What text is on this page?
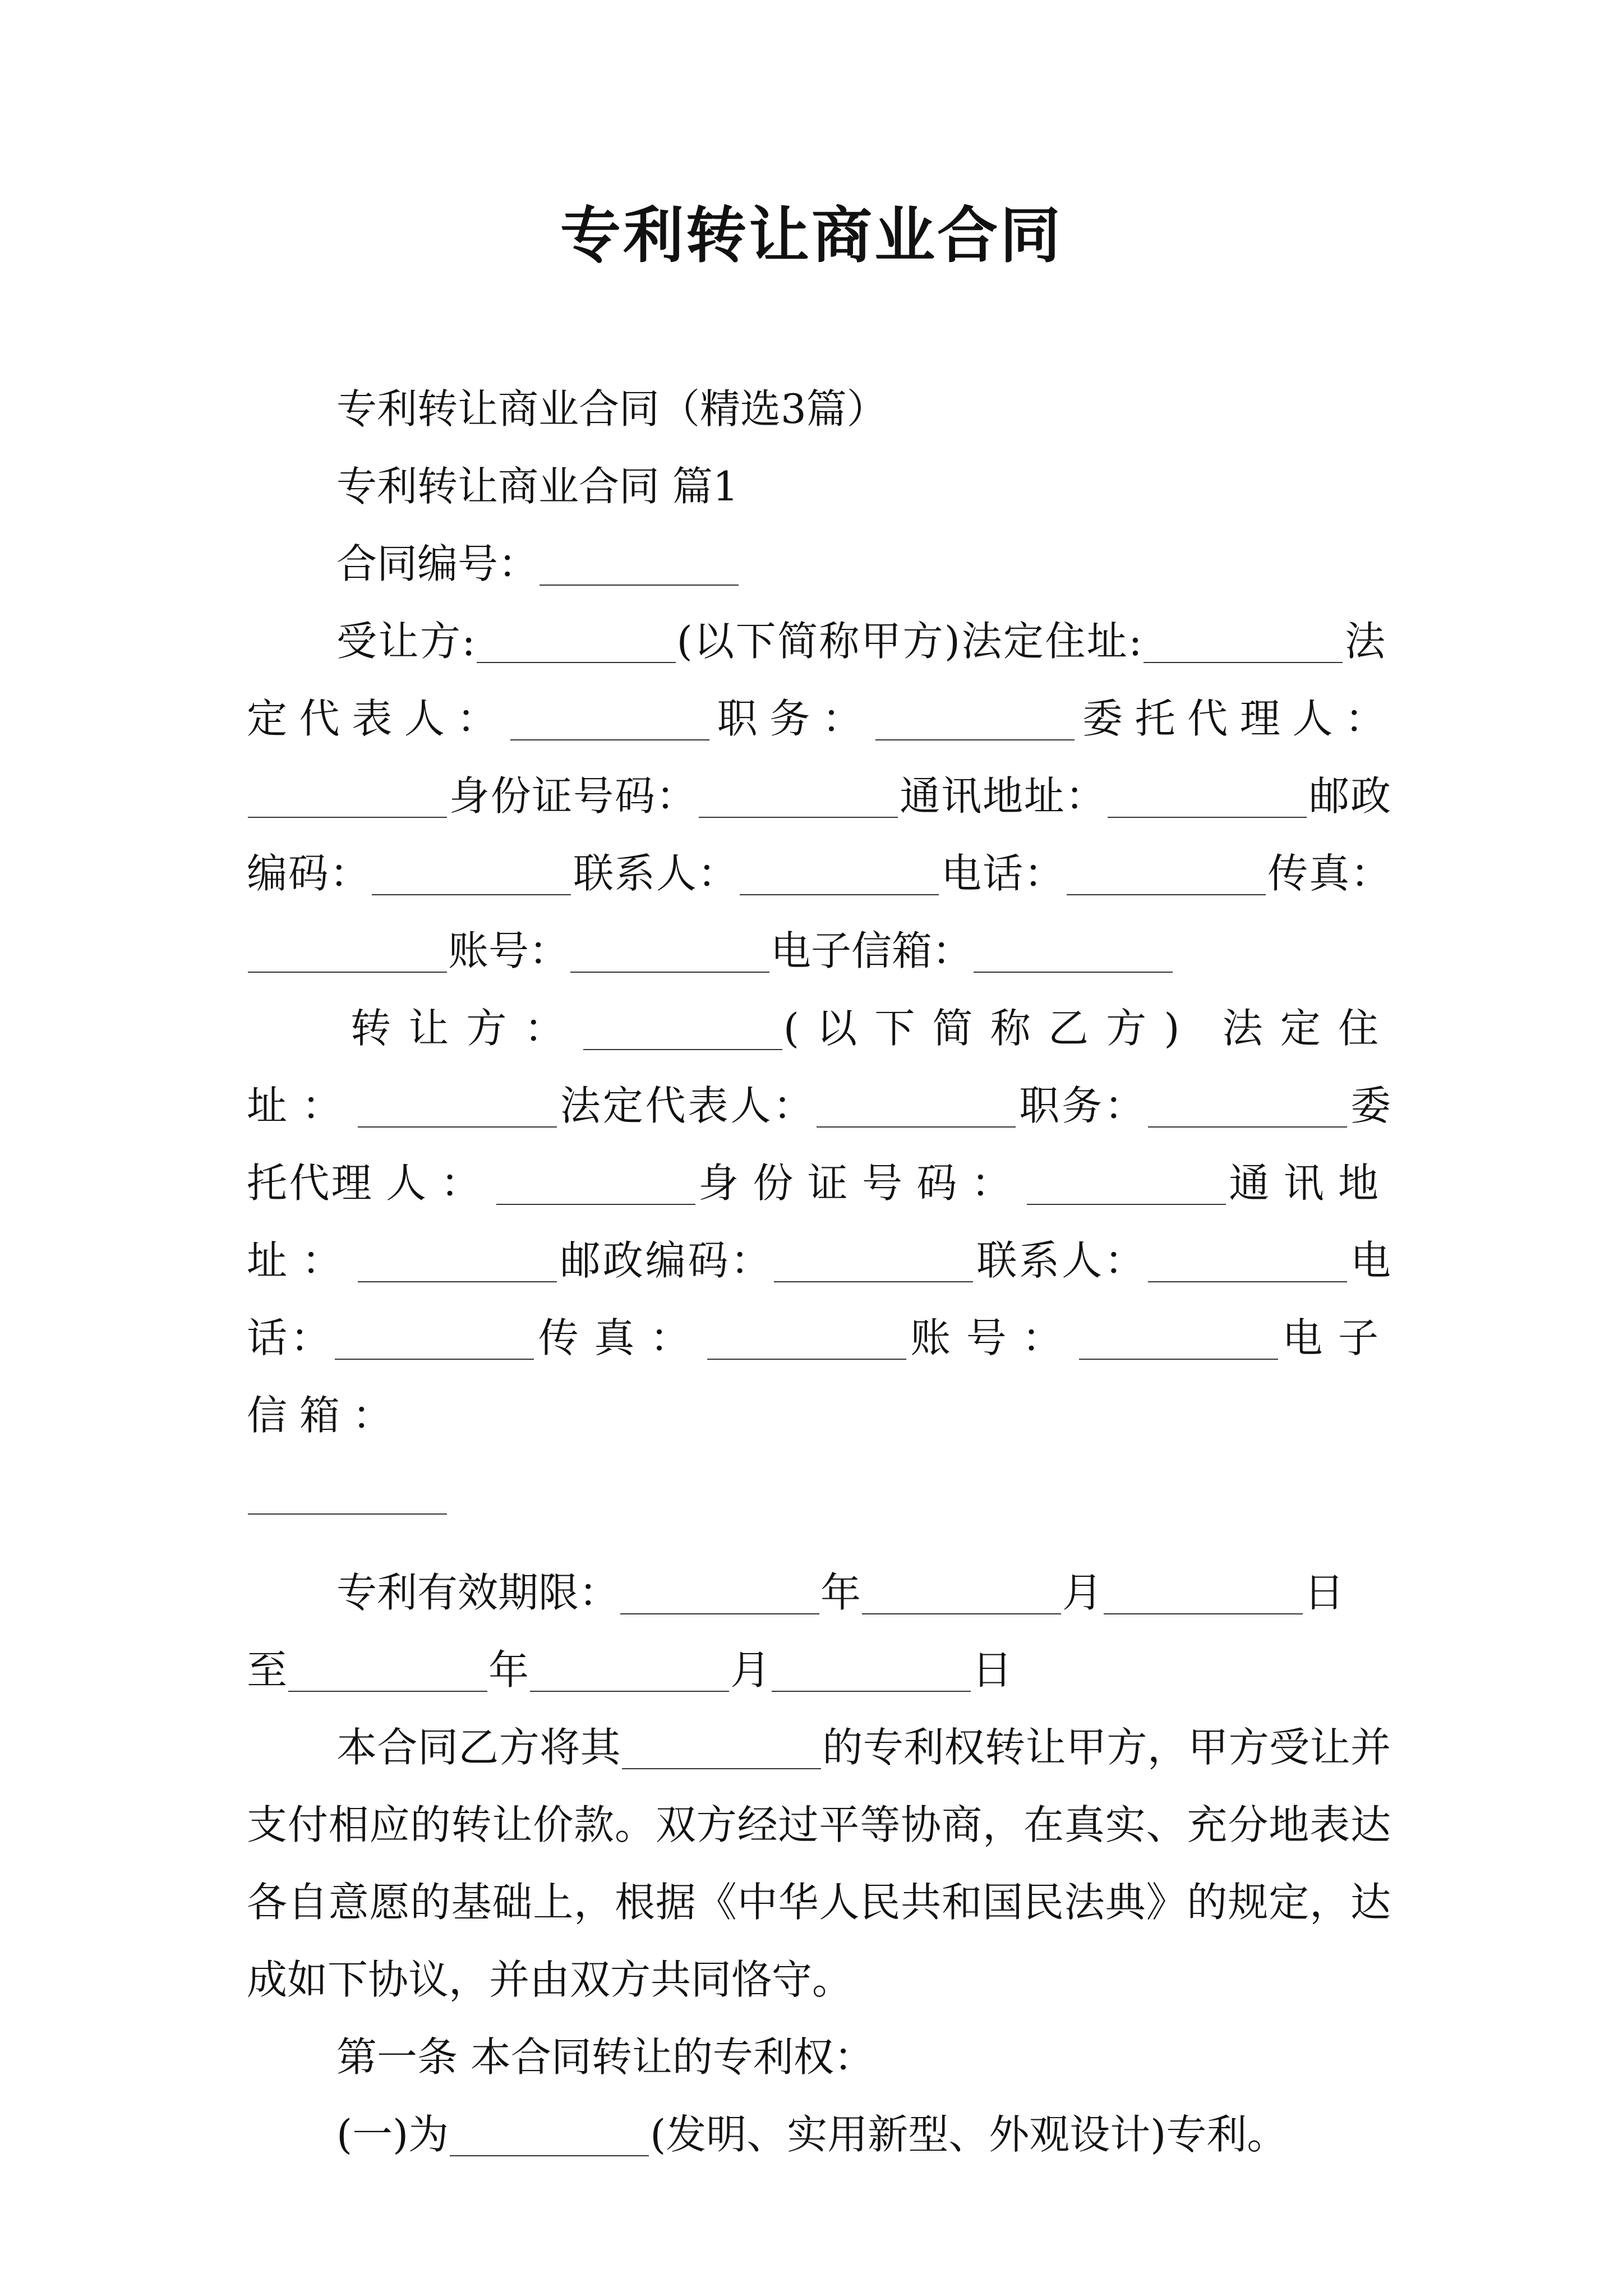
专利转让商业合同

专利转让商业合同（精选3篇）

专利转让商业合同 篇1

合同编号：

受让方:	(以下简称甲方)法定住址:	法定代表人：	职务：	委托代理人： 身份证号码：	通讯地址：	邮政编码：	联系人：	电话：	传真：账号：	电子信箱：

转让方：	(以下简称乙方) 法定住址：	法定代表人：	职务：	委托代理人：	身份证号码：	通讯地址：	邮政编码：	联系人：	电话：	传真：	账号：	电子信箱：

专利有效期限：	年	月	日
至	年	月	日

本合同乙方将其	的专利权转让甲方，甲方受让并支付相应的转让价款。双方经过平等协商，在真实、充分地表达各自意愿的基础上，根据《中华人民共和国民法典》的规定，达成如下协议，并由双方共同恪守。

第一条 本合同转让的专利权：

(一)为	(发明、实用新型、外观设计)专利。
